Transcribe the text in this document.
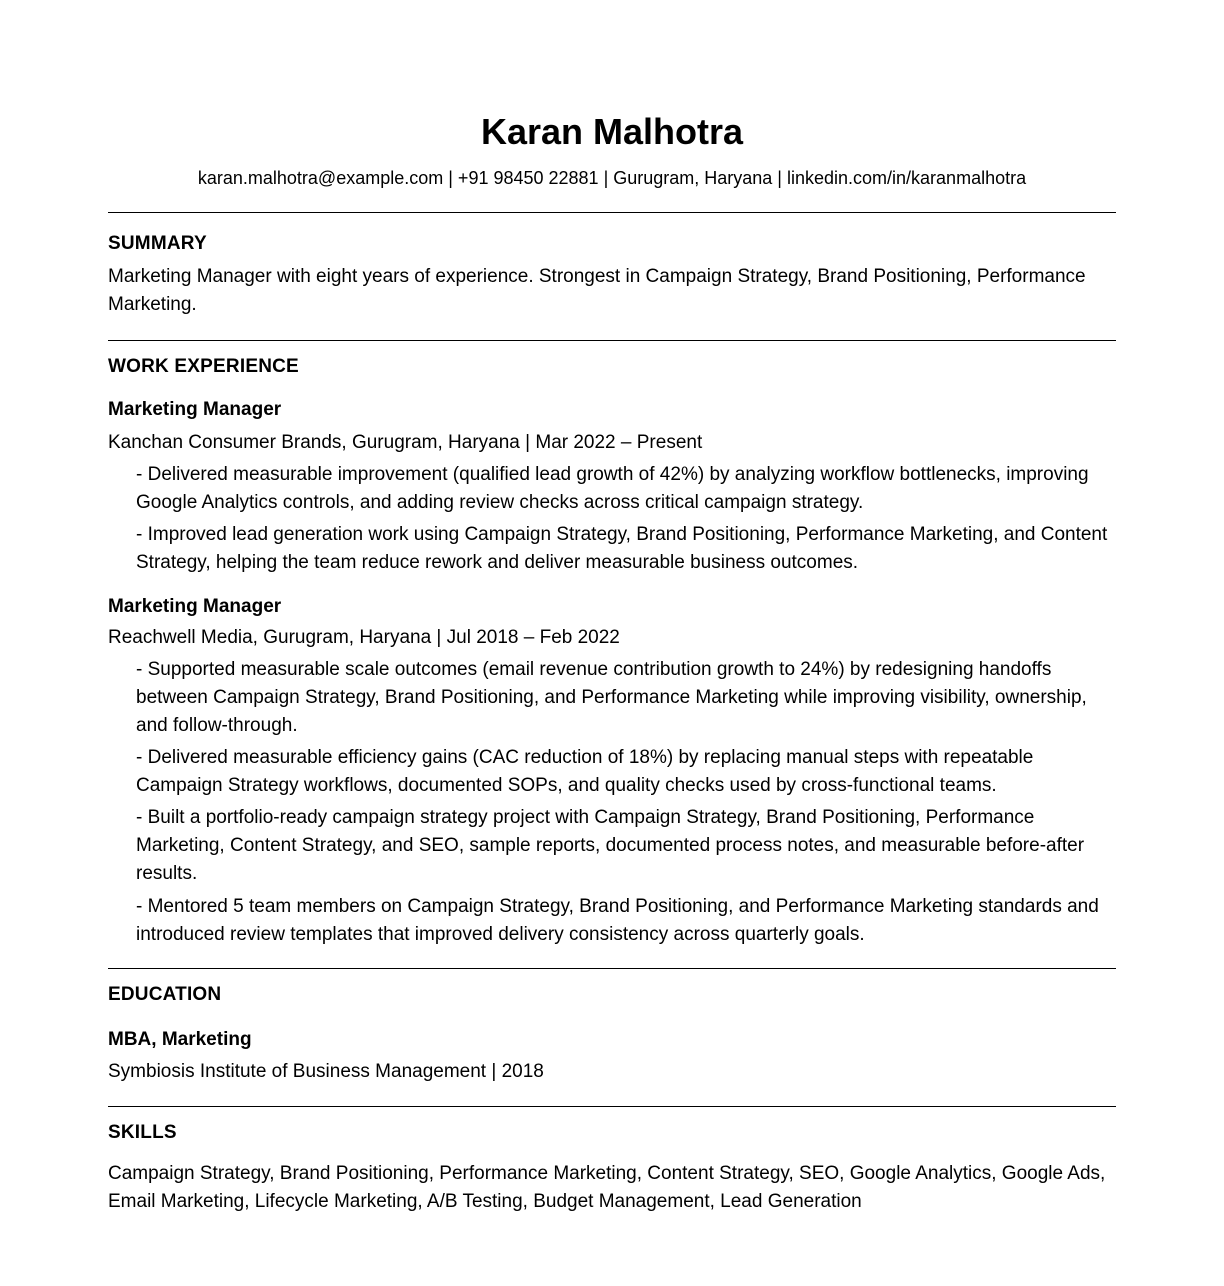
Karan Malhotra
karan.malhotra@example.com | +91 98450 22881 | Gurugram, Haryana | linkedin.com/in/karanmalhotra
SUMMARY
Marketing Manager with eight years of experience. Strongest in Campaign Strategy, Brand Positioning, Performance Marketing.
WORK EXPERIENCE
Marketing Manager
Kanchan Consumer Brands, Gurugram, Haryana | Mar 2022 – Present
- Delivered measurable improvement (qualified lead growth of 42%) by analyzing workflow bottlenecks, improving Google Analytics controls, and adding review checks across critical campaign strategy.
- Improved lead generation work using Campaign Strategy, Brand Positioning, Performance Marketing, and Content Strategy, helping the team reduce rework and deliver measurable business outcomes.
Marketing Manager
Reachwell Media, Gurugram, Haryana | Jul 2018 – Feb 2022
- Supported measurable scale outcomes (email revenue contribution growth to 24%) by redesigning handoffs between Campaign Strategy, Brand Positioning, and Performance Marketing while improving visibility, ownership, and follow-through.
- Delivered measurable efficiency gains (CAC reduction of 18%) by replacing manual steps with repeatable Campaign Strategy workflows, documented SOPs, and quality checks used by cross-functional teams.
- Built a portfolio-ready campaign strategy project with Campaign Strategy, Brand Positioning, Performance Marketing, Content Strategy, and SEO, sample reports, documented process notes, and measurable before-after results.
- Mentored 5 team members on Campaign Strategy, Brand Positioning, and Performance Marketing standards and introduced review templates that improved delivery consistency across quarterly goals.
EDUCATION
MBA, Marketing
Symbiosis Institute of Business Management | 2018
SKILLS
Campaign Strategy, Brand Positioning, Performance Marketing, Content Strategy, SEO, Google Analytics, Google Ads, Email Marketing, Lifecycle Marketing, A/B Testing, Budget Management, Lead Generation
